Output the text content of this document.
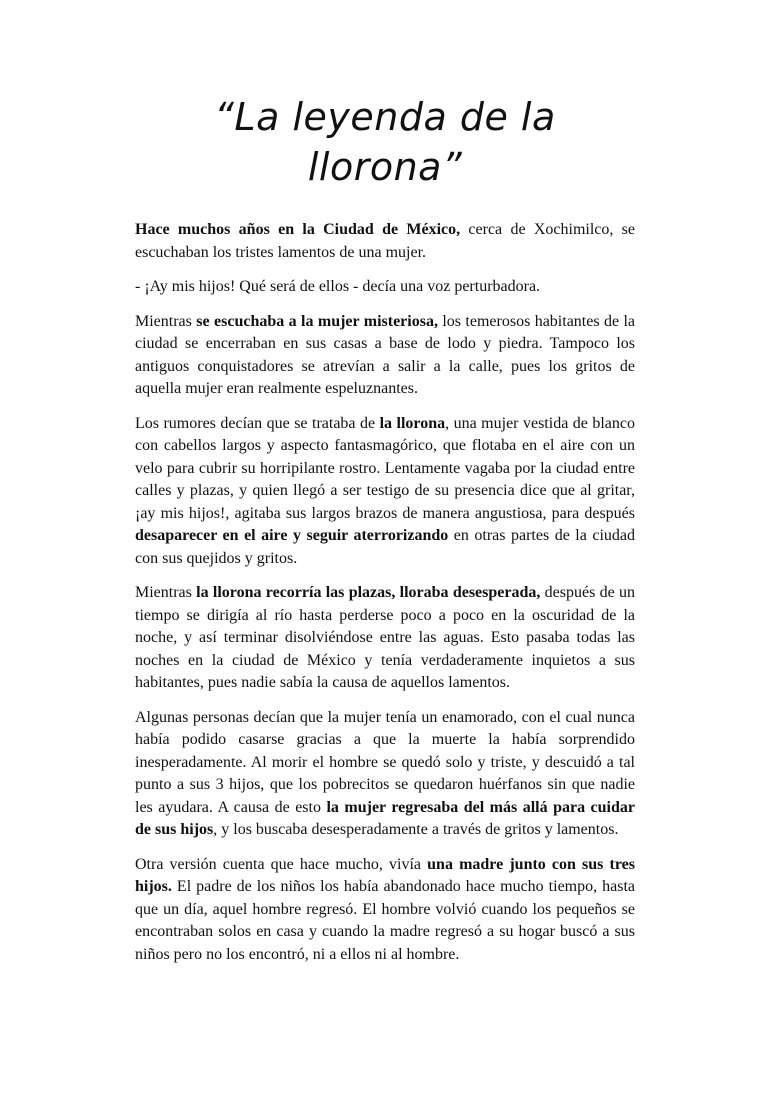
“La leyenda de la llorona”

Hace muchos años en la Ciudad de México, cerca de Xochimilco, se escuchaban los tristes lamentos de una mujer.

- ¡Ay mis hijos! Qué será de ellos - decía una voz perturbadora.

Mientras se escuchaba a la mujer misteriosa, los temerosos habitantes de la ciudad se encerraban en sus casas a base de lodo y piedra. Tampoco los antiguos conquistadores se atrevían a salir a la calle, pues los gritos de aquella mujer eran realmente espeluznantes.

Los rumores decían que se trataba de la llorona, una mujer vestida de blanco con cabellos largos y aspecto fantasmagórico, que flotaba en el aire con un velo para cubrir su horripilante rostro. Lentamente vagaba por la ciudad entre calles y plazas, y quien llegó a ser testigo de su presencia dice que al gritar, ¡ay mis hijos!, agitaba sus largos brazos de manera angustiosa, para después desaparecer en el aire y seguir aterrorizando en otras partes de la ciudad con sus quejidos y gritos.

Mientras la llorona recorría las plazas, lloraba desesperada, después de un tiempo se dirigía al río hasta perderse poco a poco en la oscuridad de la noche, y así terminar disolviéndose entre las aguas. Esto pasaba todas las noches en la ciudad de México y tenía verdaderamente inquietos a sus habitantes, pues nadie sabía la causa de aquellos lamentos.

Algunas personas decían que la mujer tenía un enamorado, con el cual nunca había podido casarse gracias a que la muerte la había sorprendido inesperadamente. Al morir el hombre se quedó solo y triste, y descuidó a tal punto a sus 3 hijos, que los pobrecitos se quedaron huérfanos sin que nadie les ayudara. A causa de esto la mujer regresaba del más allá para cuidar de sus hijos, y los buscaba desesperadamente a través de gritos y lamentos.

Otra versión cuenta que hace mucho, vivía una madre junto con sus tres hijos. El padre de los niños los había abandonado hace mucho tiempo, hasta que un día, aquel hombre regresó. El hombre volvió cuando los pequeños se encontraban solos en casa y cuando la madre regresó a su hogar buscó a sus niños pero no los encontró, ni a ellos ni al hombre.
